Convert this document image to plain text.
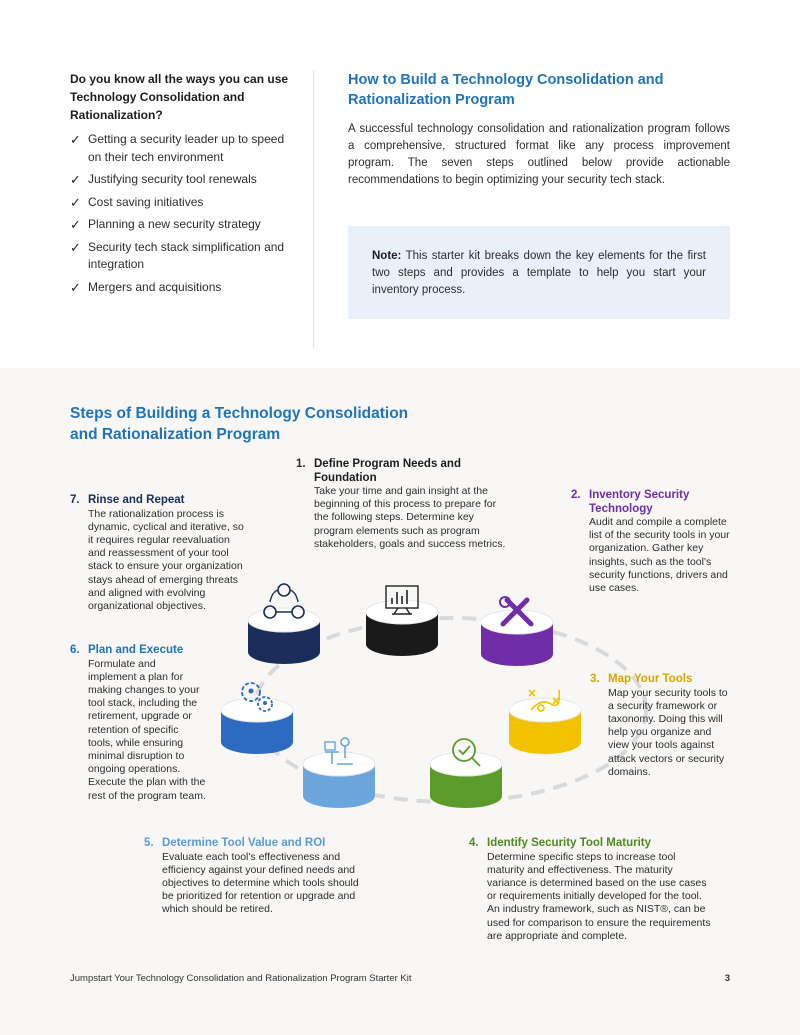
Do you know all the ways you can use Technology Consolidation and Rationalization?

✓ Getting a security leader up to speed on their tech environment
✓ Justifying security tool renewals
✓ Cost saving initiatives
✓ Planning a new security strategy
✓ Security tech stack simplification and integration
✓ Mergers and acquisitions
How to Build a Technology Consolidation and Rationalization Program

A successful technology consolidation and rationalization program follows a comprehensive, structured format like any process improvement program. The seven steps outlined below provide actionable recommendations to begin optimizing your security tech stack.

Note: This starter kit breaks down the key elements for the first two steps and provides a template to help you start your inventory process.
Steps of Building a Technology Consolidation and Rationalization Program
1. Define Program Needs and Foundation
Take your time and gain insight at the beginning of this process to prepare for the following steps. Determine key program elements such as program stakeholders, goals and success metrics.
2. Inventory Security Technology
Audit and compile a complete list of the security tools in your organization. Gather key insights, such as the tool's security functions, drivers and use cases.
3. Map Your Tools
Map your security tools to a security framework or taxonomy. Doing this will help you organize and view your tools against attack vectors or security domains.
4. Identify Security Tool Maturity
Determine specific steps to increase tool maturity and effectiveness. The maturity variance is determined based on the use cases or requirements initially developed for the tool. An industry framework, such as NIST®, can be used for comparison to ensure the requirements are appropriate and complete.
5. Determine Tool Value and ROI
Evaluate each tool's effectiveness and efficiency against your defined needs and objectives to determine which tools should be prioritized for retention or upgrade and which should be retired.
6. Plan and Execute
Formulate and implement a plan for making changes to your tool stack, including the retirement, upgrade or retention of specific tools, while ensuring minimal disruption to ongoing operations. Execute the plan with the rest of the program team.
7. Rinse and Repeat
The rationalization process is dynamic, cyclical and iterative, so it requires regular reevaluation and reassessment of your tool stack to ensure your organization stays ahead of emerging threats and aligned with evolving organizational objectives.
Jumpstart Your Technology Consolidation and Rationalization Program Starter Kit	3
